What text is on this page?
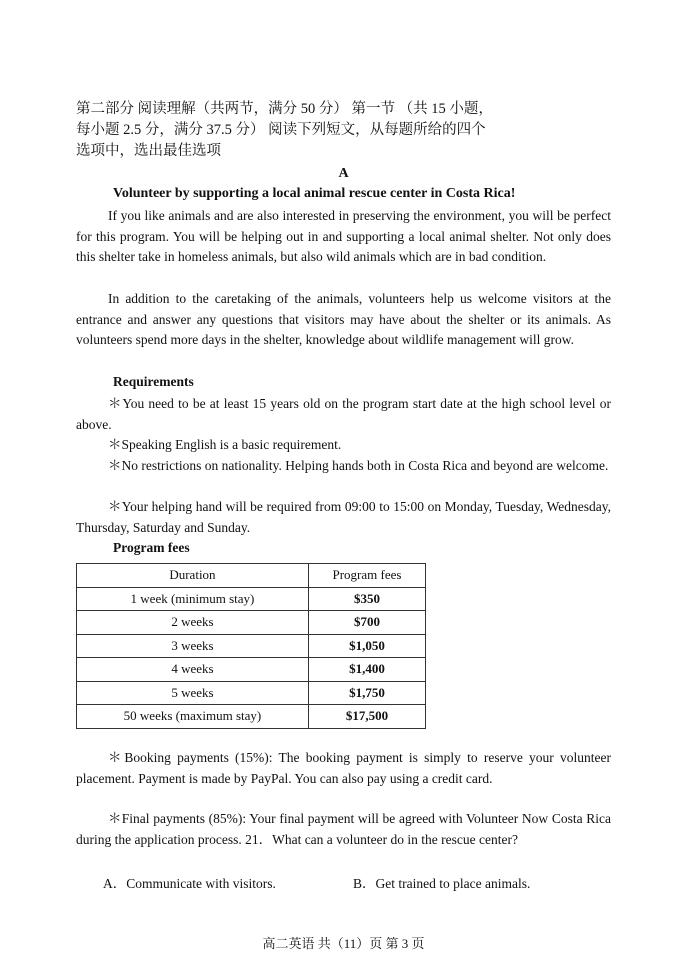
第二部分 阅读理解（共两节，满分 50 分） 第一节 （共 15 小题，每小题 2.5 分，满分 37.5 分） 阅读下列短文，从每题所给的四个选项中，选出最佳选项
A
Volunteer by supporting a local animal rescue center in Costa Rica!

If you like animals and are also interested in preserving the environment, you will be perfect for this program. You will be helping out in and supporting a local animal shelter. Not only does this shelter take in homeless animals, but also wild animals which are in bad condition.

In addition to the caretaking of the animals, volunteers help us welcome visitors at the entrance and answer any questions that visitors may have about the shelter or its animals. As volunteers spend more days in the shelter, knowledge about wildlife management will grow.

Requirements

＊You need to be at least 15 years old on the program start date at the high school level or above.

＊Speaking English is a basic requirement.

＊No restrictions on nationality. Helping hands both in Costa Rica and beyond are welcome.

＊Your helping hand will be required from 09:00 to 15:00 on Monday, Tuesday, Wednesday, Thursday, Saturday and Sunday.

Program fees
Duration	Program fees
1 week (minimum stay)	$350
2 weeks	$700
3 weeks	$1,050
4 weeks	$1,400
5 weeks	$1,750
50 weeks (maximum stay)	$17,500

＊Booking payments (15%): The booking payment is simply to reserve your volunteer placement. Payment is made by PayPal. You can also pay using a credit card.

＊Final payments (85%): Your final payment will be agreed with Volunteer Now Costa Rica during the application process. 21．What can a volunteer do in the rescue center?

A．Communicate with visitors.	B．Get trained to place animals.
高二英语 共（11）页 第 3 页
